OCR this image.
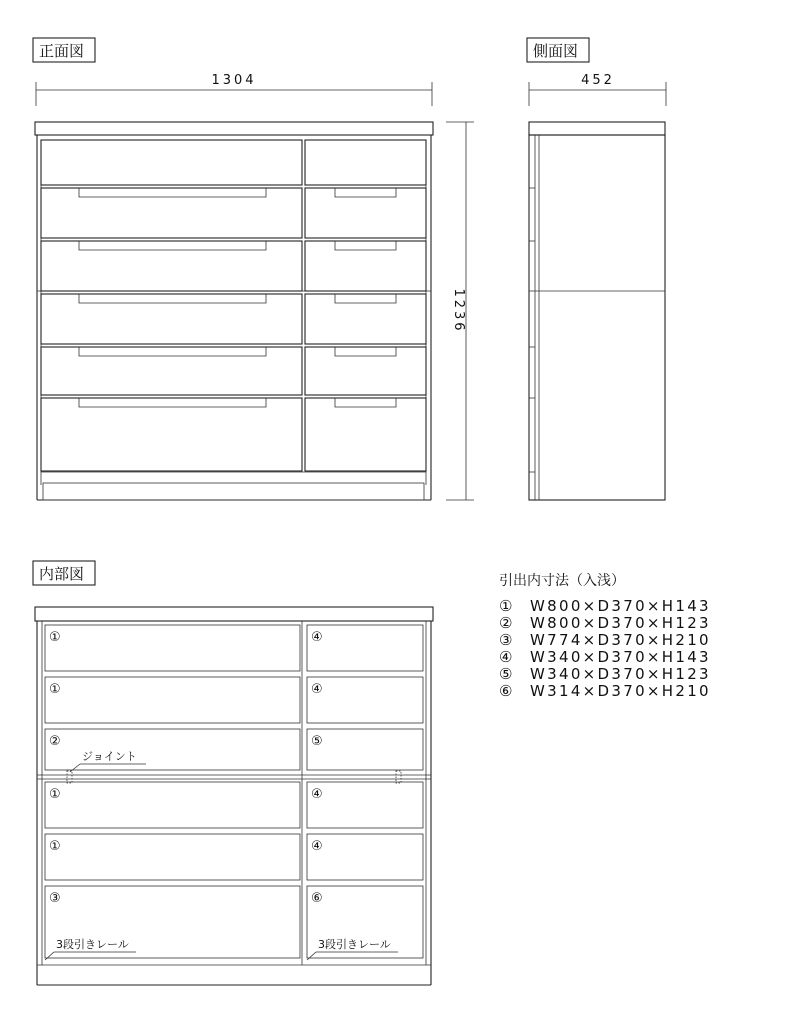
正面図
1304
1236
側面図
452
内部図
①
①
②
①
①
③
④
④
⑤
④
④
⑥
ジョイント
3段引きレール	3段引きレール
引出内寸法（入浅）
① W800×D370×H143
② W800×D370×H123
③ W774×D370×H210
④ W340×D370×H143
⑤ W340×D370×H123
⑥ W314×D370×H210
